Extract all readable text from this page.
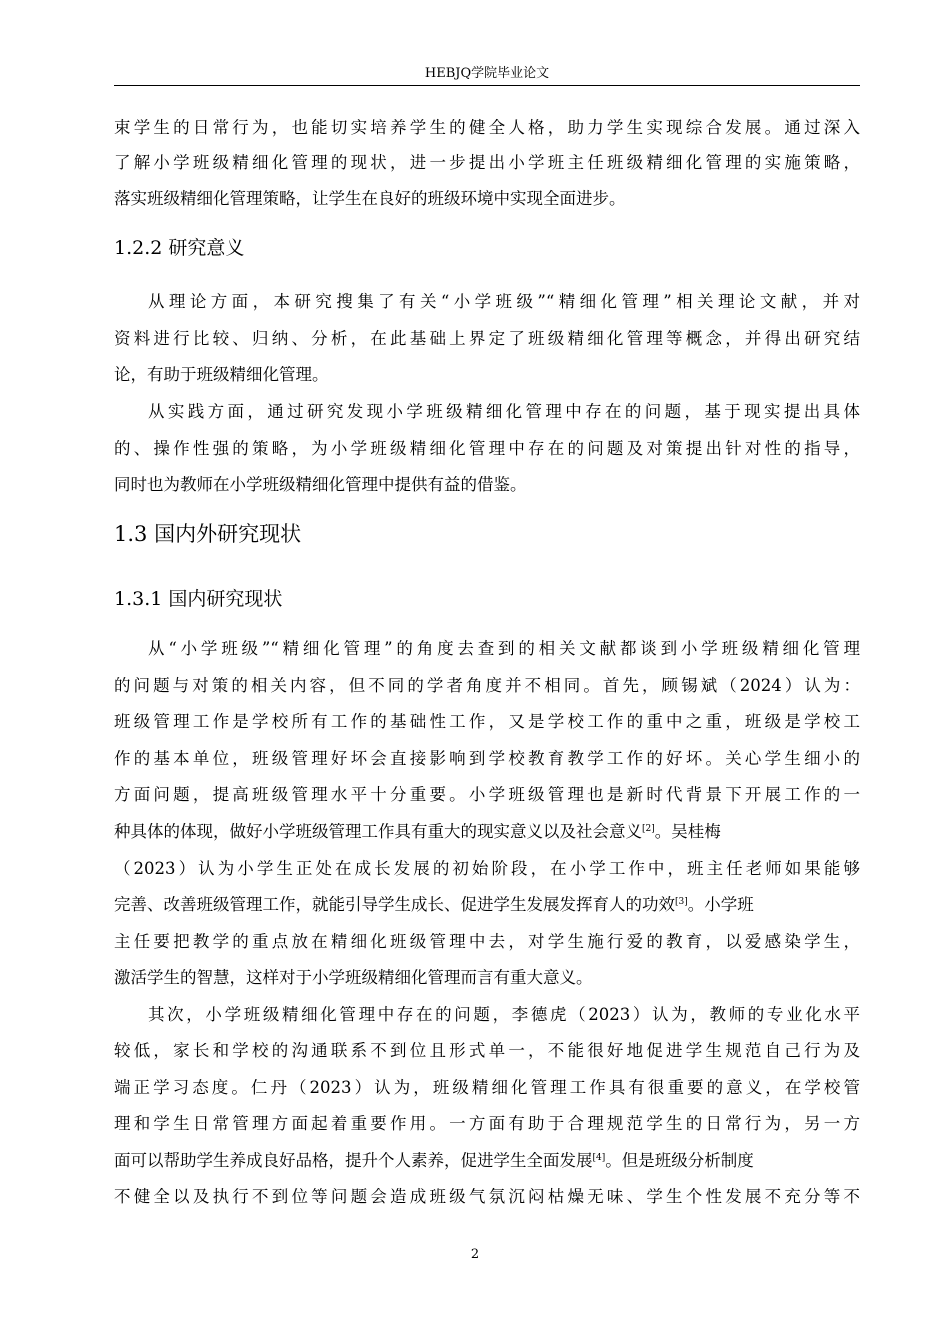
HEBJQ学院毕业论文
束学生的日常行为，也能切实培养学生的健全人格，助力学生实现综合发展。通过深入
了解小学班级精细化管理的现状，进一步提出小学班主任班级精细化管理的实施策略，
落实班级精细化管理策略，让学生在良好的班级环境中实现全面进步。
1.2.2 研究意义
从理论方面，本研究搜集了有关“小学班级”“精细化管理”相关理论文献，并对
资料进行比较、归纳、分析，在此基础上界定了班级精细化管理等概念，并得出研究结
论，有助于班级精细化管理。
从实践方面，通过研究发现小学班级精细化管理中存在的问题，基于现实提出具体
的、操作性强的策略，为小学班级精细化管理中存在的问题及对策提出针对性的指导，
同时也为教师在小学班级精细化管理中提供有益的借鉴。
1.3 国内外研究现状
1.3.1 国内研究现状
从“小学班级”“精细化管理”的角度去查到的相关文献都谈到小学班级精细化管理
的问题与对策的相关内容，但不同的学者角度并不相同。首先，顾锡斌（2024）认为：
班级管理工作是学校所有工作的基础性工作，又是学校工作的重中之重，班级是学校工
作的基本单位，班级管理好坏会直接影响到学校教育教学工作的好坏。关心学生细小的
方面问题，提高班级管理水平十分重要。小学班级管理也是新时代背景下开展工作的一
种具体的体现，做好小学班级管理工作具有重大的现实意义以及社会意义[2]。吴桂梅
（2023）认为小学生正处在成长发展的初始阶段，在小学工作中，班主任老师如果能够
完善、改善班级管理工作，就能引导学生成长、促进学生发展发挥育人的功效[3]。小学班
主任要把教学的重点放在精细化班级管理中去，对学生施行爱的教育，以爱感染学生，
激活学生的智慧，这样对于小学班级精细化管理而言有重大意义。
其次，小学班级精细化管理中存在的问题，李德虎（2023）认为，教师的专业化水平
较低，家长和学校的沟通联系不到位且形式单一，不能很好地促进学生规范自己行为及
端正学习态度。仁丹（2023）认为，班级精细化管理工作具有很重要的意义，在学校管
理和学生日常管理方面起着重要作用。一方面有助于合理规范学生的日常行为，另一方
面可以帮助学生养成良好品格，提升个人素养，促进学生全面发展[4]。但是班级分析制度
不健全以及执行不到位等问题会造成班级气氛沉闷枯燥无味、学生个性发展不充分等不
2
